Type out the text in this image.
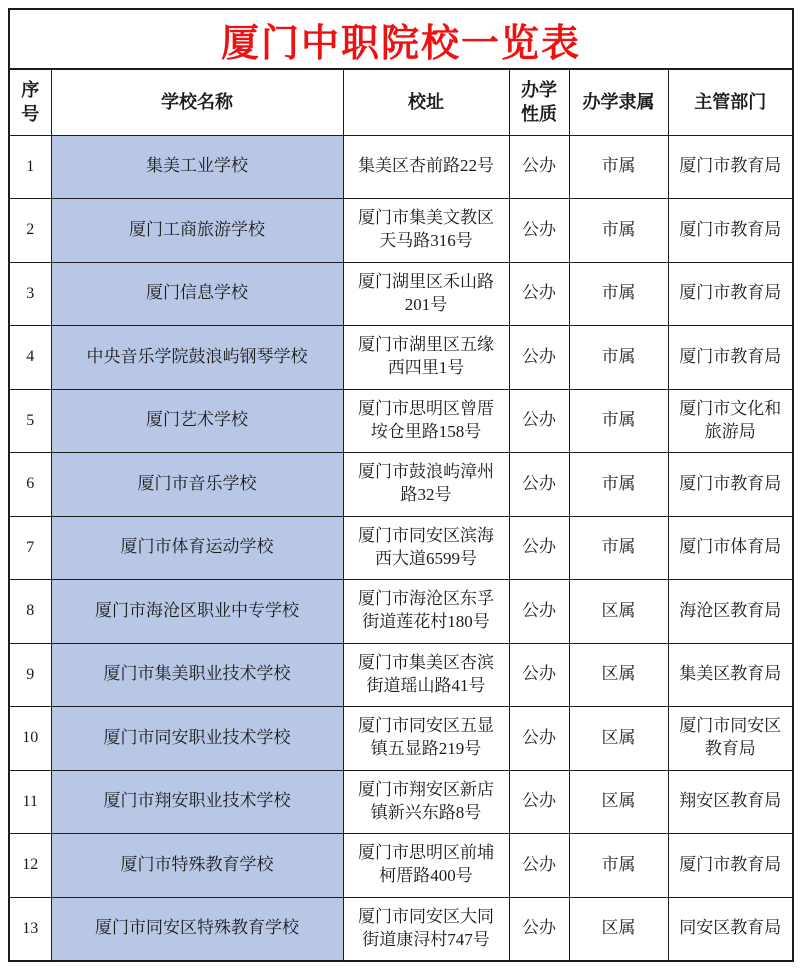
厦门中职院校一览表					
序号	学校名称	校址	办学性质	办学隶属	主管部门
1	集美工业学校	集美区杏前路22号	公办	市属	厦门市教育局
2	厦门工商旅游学校	厦门市集美文教区天马路316号	公办	市属	厦门市教育局
3	厦门信息学校	厦门湖里区禾山路201号	公办	市属	厦门市教育局
4	中央音乐学院鼓浪屿钢琴学校	厦门市湖里区五缘西四里1号	公办	市属	厦门市教育局
5	厦门艺术学校	厦门市思明区曾厝垵仓里路158号	公办	市属	厦门市文化和旅游局
6	厦门市音乐学校	厦门市鼓浪屿漳州路32号	公办	市属	厦门市教育局
7	厦门市体育运动学校	厦门市同安区滨海西大道6599号	公办	市属	厦门市体育局
8	厦门市海沧区职业中专学校	厦门市海沧区东孚街道莲花村180号	公办	区属	海沧区教育局
9	厦门市集美职业技术学校	厦门市集美区杏滨街道瑶山路41号	公办	区属	集美区教育局
10	厦门市同安职业技术学校	厦门市同安区五显镇五显路219号	公办	区属	厦门市同安区教育局
11	厦门市翔安职业技术学校	厦门市翔安区新店镇新兴东路8号	公办	区属	翔安区教育局
12	厦门市特殊教育学校	厦门市思明区前埔柯厝路400号	公办	市属	厦门市教育局
13	厦门市同安区特殊教育学校	厦门市同安区大同街道康浔村747号	公办	区属	同安区教育局
